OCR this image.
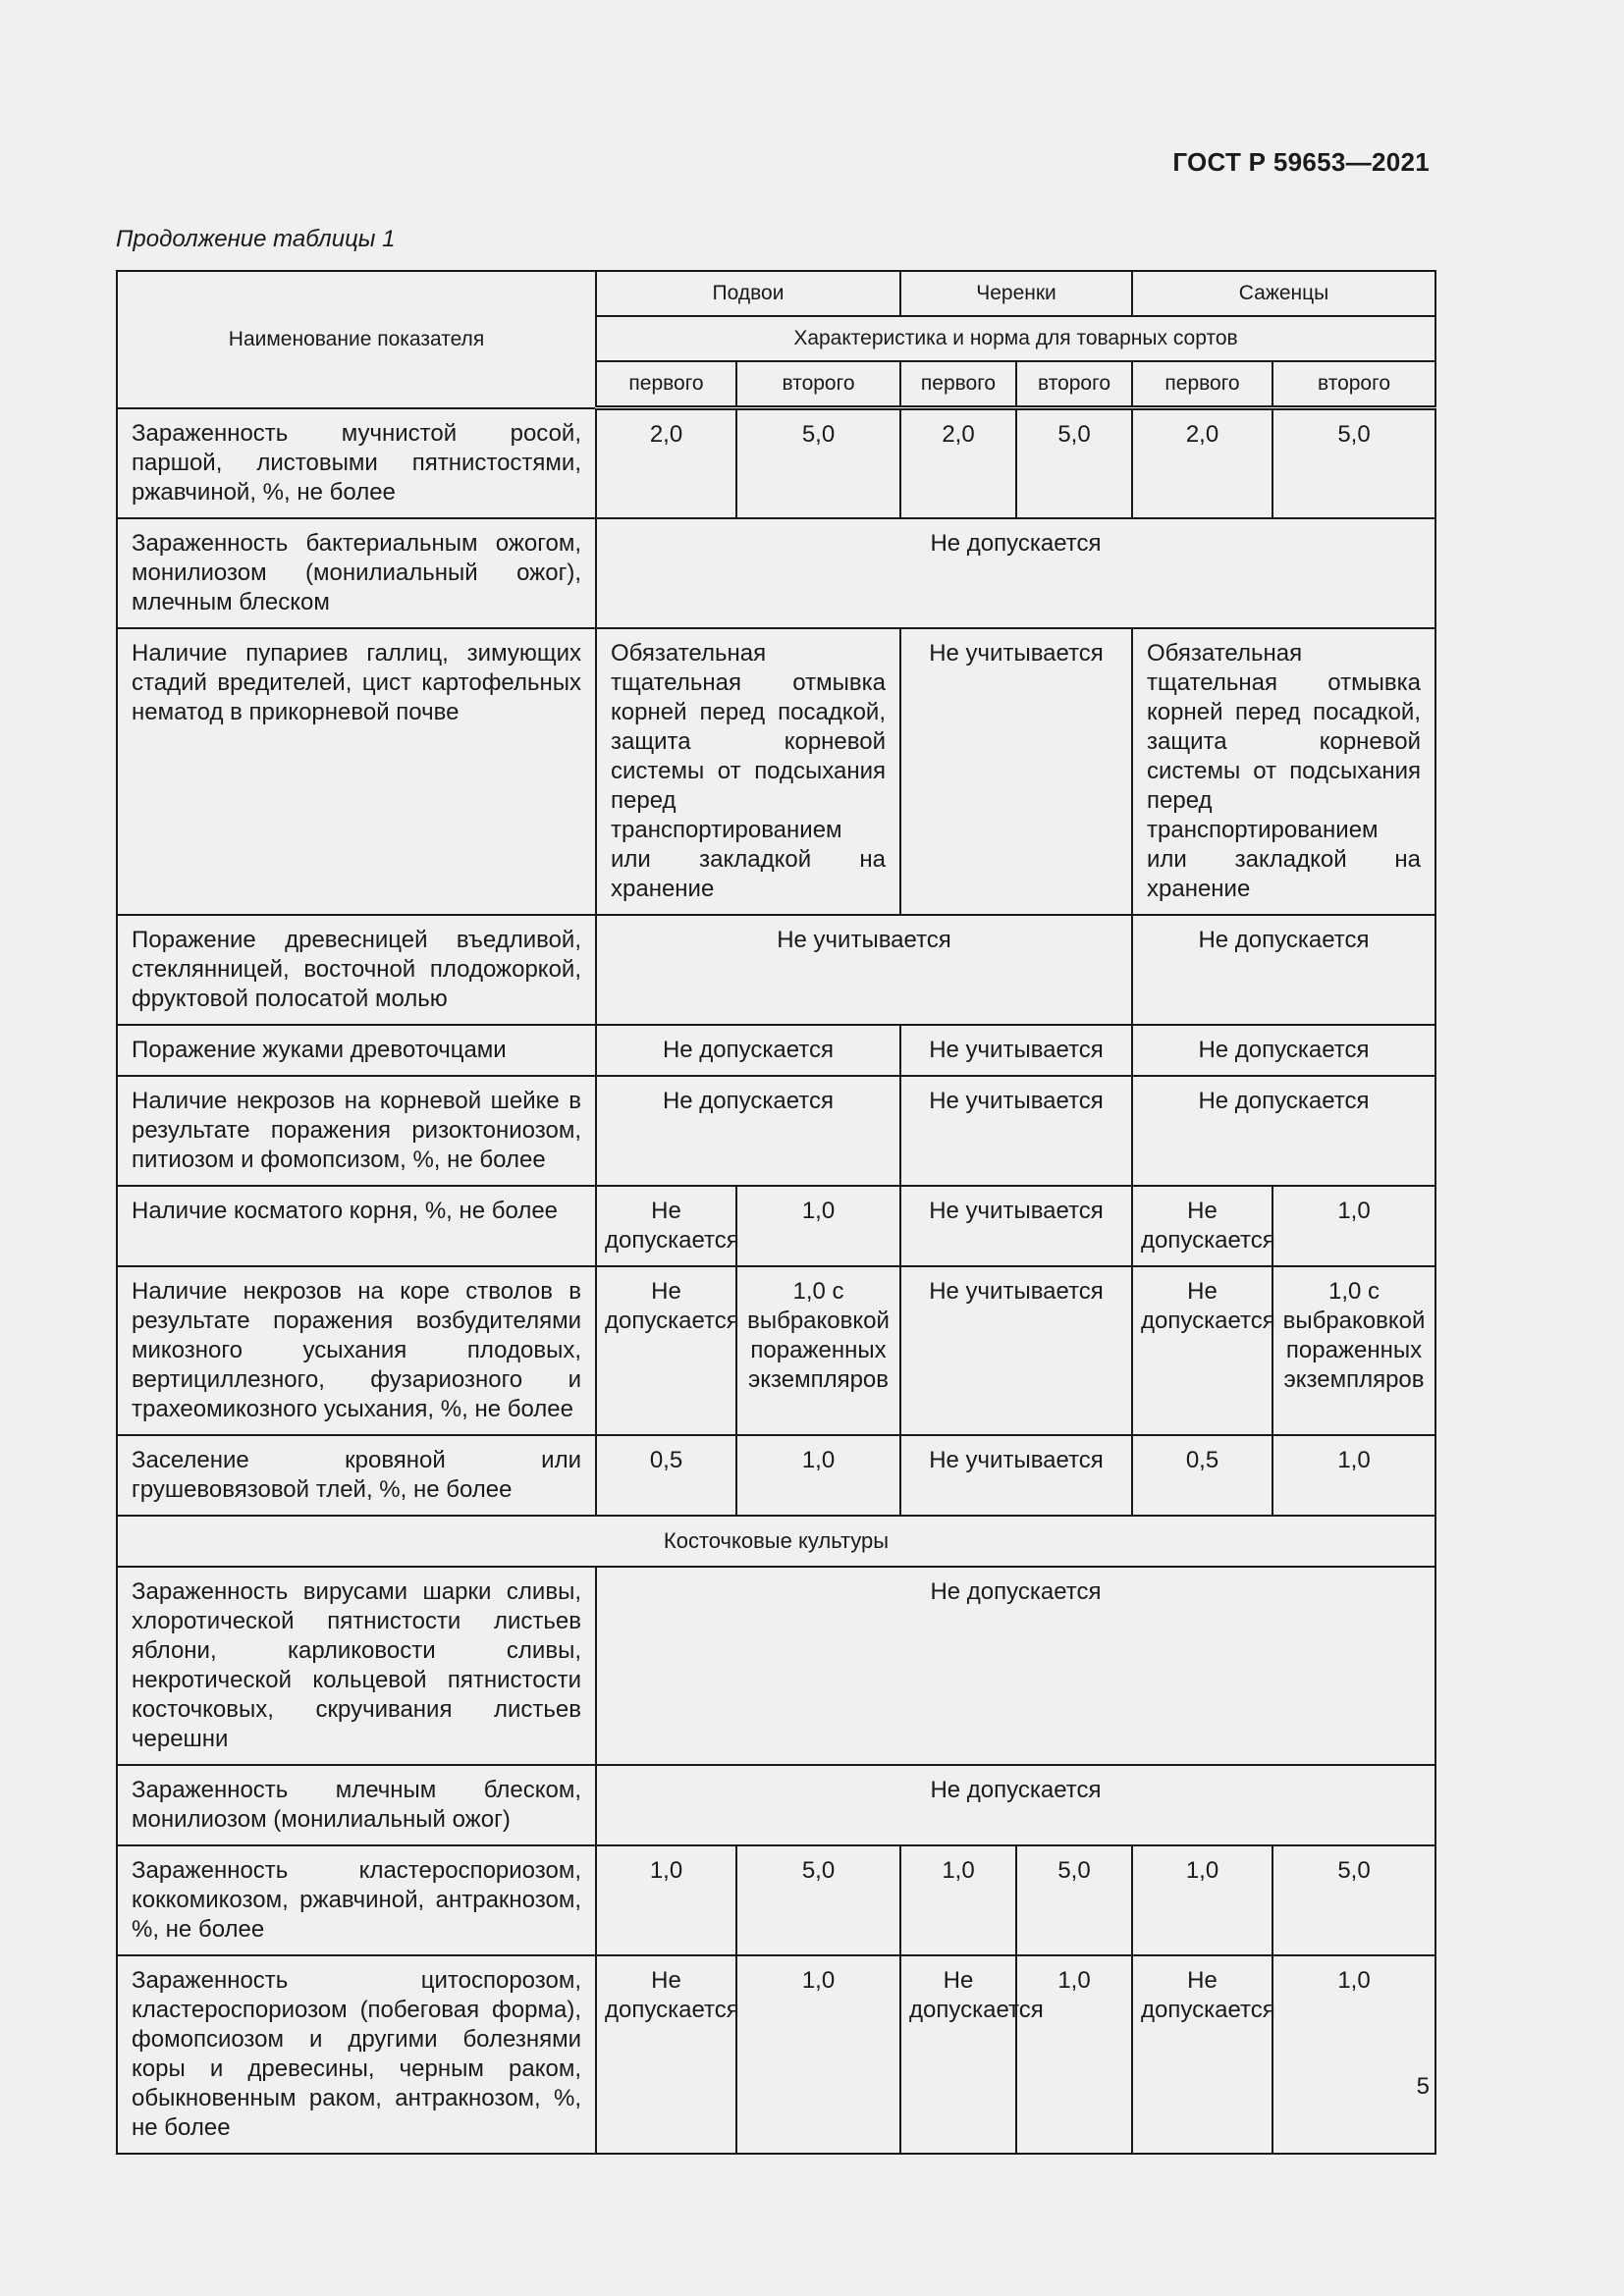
ГОСТ Р 59653—2021
Продолжение таблицы 1
Наименование показателя	Подвои		Черенки		Саженцы	
	Характеристика и норма для товарных сортов					
	первого	второго	первого	второго	первого	второго
Зараженность мучнистой росой, паршой, листовыми пятнистостями, ржавчиной, %, не более	2,0	5,0	2,0	5,0	2,0	5,0
Зараженность бактериальным ожогом, монилиозом (монилиальный ожог), млечным блеском	Не допускается					
Наличие пупариев галлиц, зимующих стадий вредителей, цист картофельных нематод в прикорневой почве	Обязательная тщательная отмывка корней перед посадкой, защита корневой системы от подсыхания перед транспортированием или закладкой на хранение		Не учитывается		Обязательная тщательная отмывка корней перед посадкой, защита корневой системы от подсыхания перед транспортированием или закладкой на хранение	
Поражение древесницей въедливой, стеклянницей, восточной плодожоркой, фруктовой полосатой молью	Не учитывается				Не допускается	
Поражение жуками древоточцами	Не допускается		Не учитывается		Не допускается	
Наличие некрозов на корневой шейке в результате поражения ризоктониозом, питиозом и фомопсизом, %, не более	Не допускается		Не учитывается		Не допускается	
Наличие косматого корня, %, не более	Не допускается	1,0	Не учитывается		Не допускается	1,0
Наличие некрозов на коре стволов в результате поражения возбудителями микозного усыхания плодовых, вертициллезного, фузариозного и трахеомикозного усыхания, %, не более	Не допускается	1,0 с выбраковкой пораженных экземпляров	Не учитывается		Не допускается	1,0 с выбраковкой пораженных экземпляров
Заселение кровяной или грушевовязовой тлей, %, не более	0,5	1,0	Не учитывается		0,5	1,0
Косточковые культуры						
Зараженность вирусами шарки сливы, хлоротической пятнистости листьев яблони, карликовости сливы, некротической кольцевой пятнистости косточковых, скручивания листьев черешни	Не допускается					
Зараженность млечным блеском, монилиозом (монилиальный ожог)	Не допускается					
Зараженность кластероспориозом, коккомикозом, ржавчиной, антракнозом, %, не более	1,0	5,0	1,0	5,0	1,0	5,0
Зараженность цитоспорозом, кластероспориозом (побеговая форма), фомопсиозом и другими болезнями коры и древесины, черным раком, обыкновенным раком, антракнозом, %, не более	Не допускается	1,0	Не допускается	1,0	Не допускается	1,0
5
